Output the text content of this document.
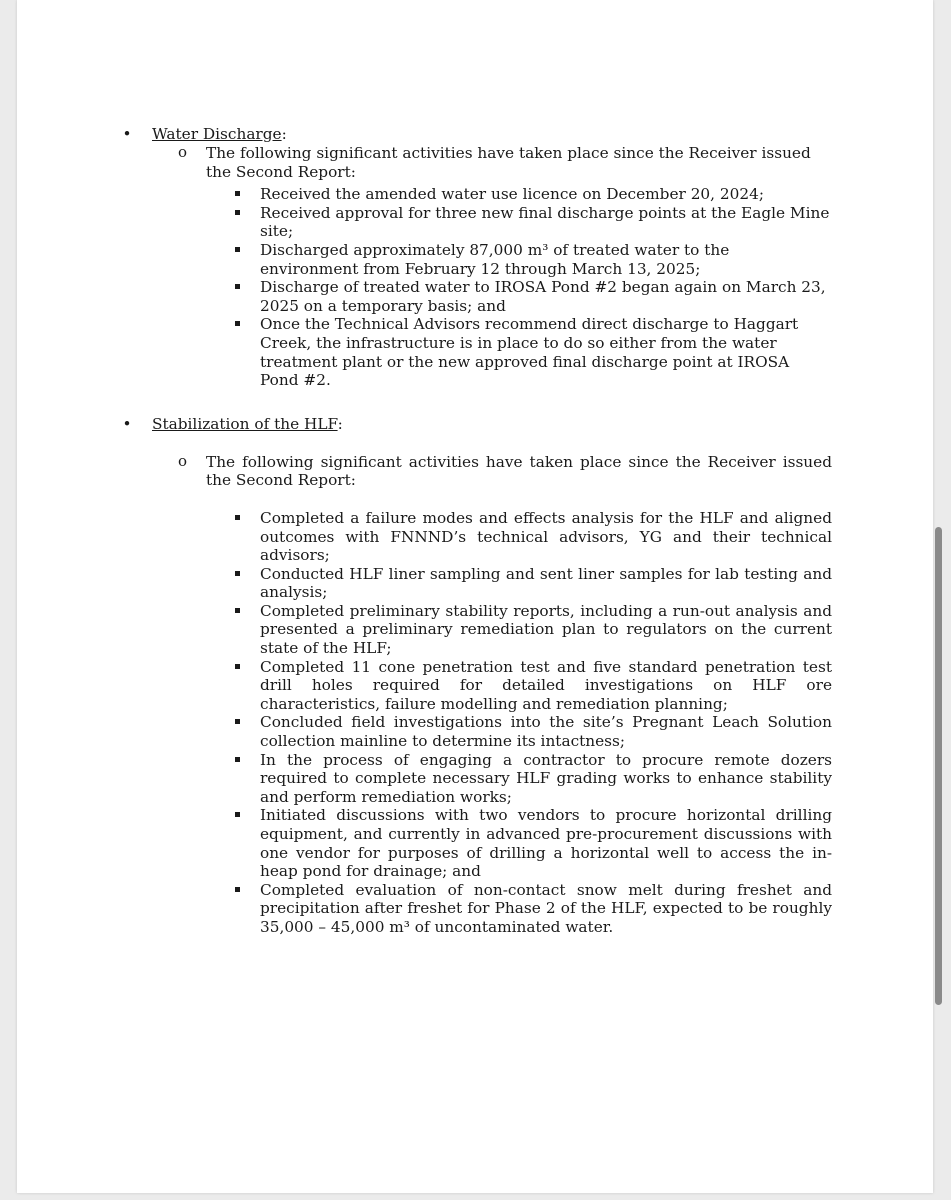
• Water Discharge:
o The following significant activities have taken place since the Receiver issued the Second Report:
Received the amended water use licence on December 20, 2024;
Received approval for three new final discharge points at the Eagle Mine site;
Discharged approximately 87,000 m³ of treated water to the environment from February 12 through March 13, 2025;
Discharge of treated water to IROSA Pond #2 began again on March 23, 2025 on a temporary basis; and
Once the Technical Advisors recommend direct discharge to Haggart Creek, the infrastructure is in place to do so either from the water treatment plant or the new approved final discharge point at IROSA Pond #2.
• Stabilization of the HLF:
o The following significant activities have taken place since the Receiver issued the Second Report:
Completed a failure modes and effects analysis for the HLF and aligned outcomes with FNNND’s technical advisors, YG and their technical advisors;
Conducted HLF liner sampling and sent liner samples for lab testing and analysis;
Completed preliminary stability reports, including a run-out analysis and presented a preliminary remediation plan to regulators on the current state of the HLF;
Completed 11 cone penetration test and five standard penetration test drill holes required for detailed investigations on HLF ore characteristics, failure modelling and remediation planning;
Concluded field investigations into the site’s Pregnant Leach Solution collection mainline to determine its intactness;
In the process of engaging a contractor to procure remote dozers required to complete necessary HLF grading works to enhance stability and perform remediation works;
Initiated discussions with two vendors to procure horizontal drilling equipment, and currently in advanced pre-procurement discussions with one vendor for purposes of drilling a horizontal well to access the in-heap pond for drainage; and
Completed evaluation of non-contact snow melt during freshet and precipitation after freshet for Phase 2 of the HLF, expected to be roughly 35,000 – 45,000 m³ of uncontaminated water.
